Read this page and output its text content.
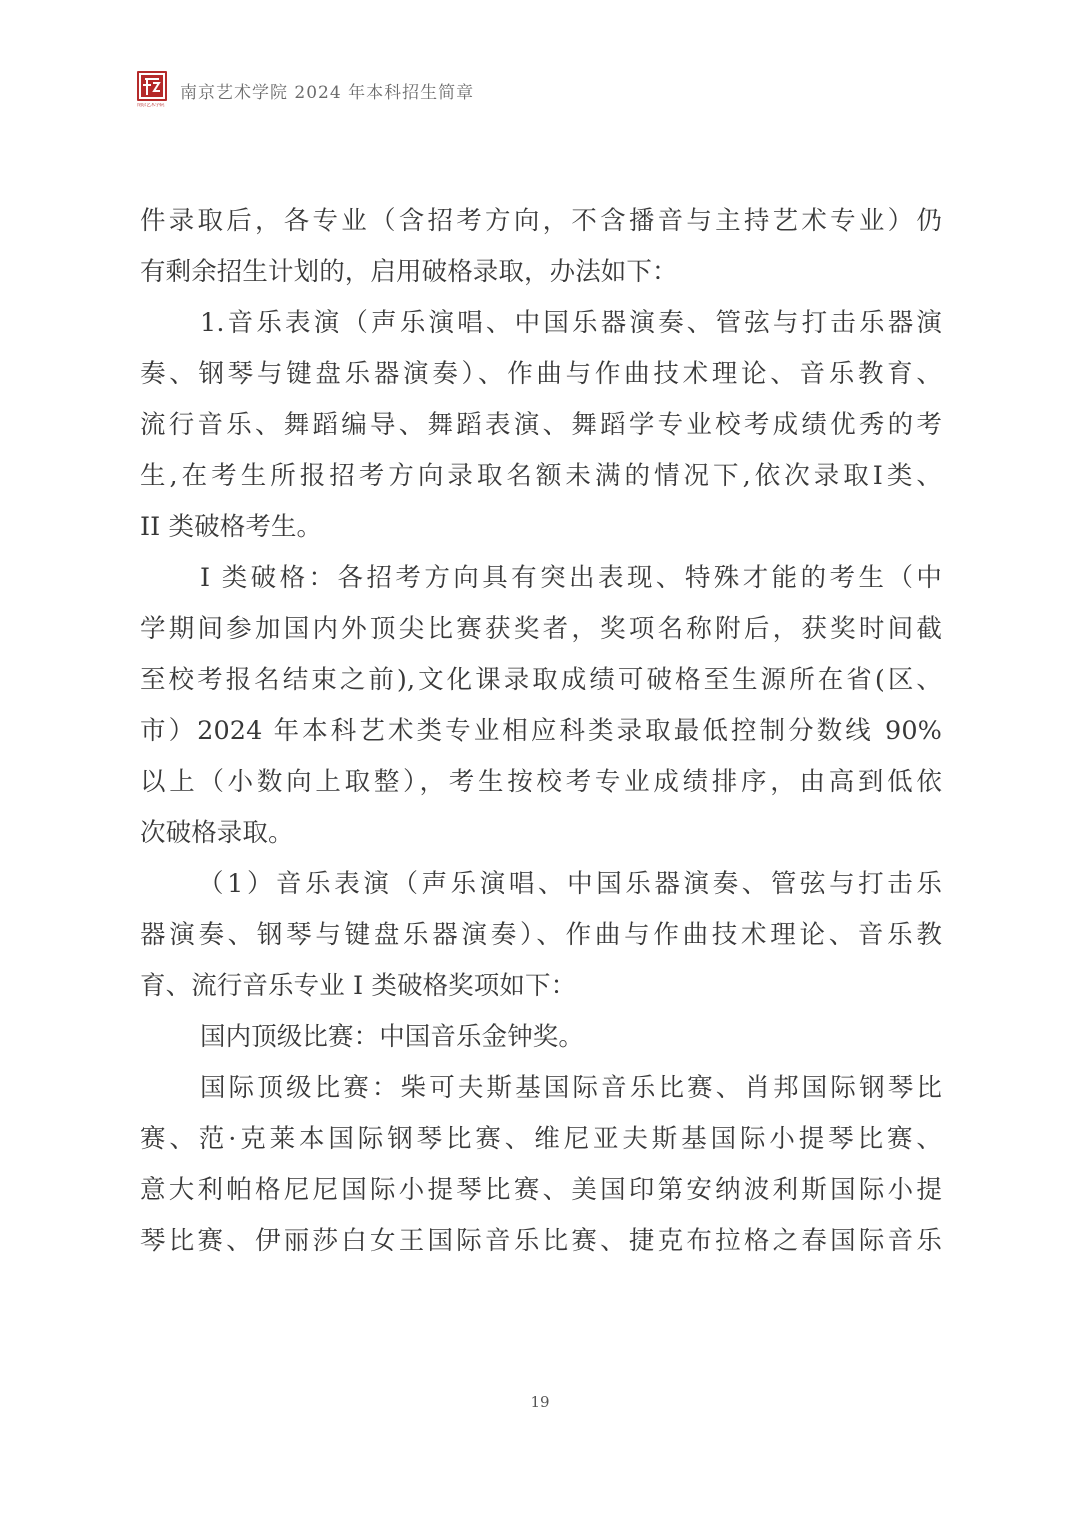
南京艺术学院
南京艺术学院 2024 年本科招生简章
件录取后，各专业（含招考方向，不含播音与主持艺术专业）仍
有剩余招生计划的，启用破格录取，办法如下：
1.音乐表演（声乐演唱、中国乐器演奏、管弦与打击乐器演
奏、钢琴与键盘乐器演奏）、作曲与作曲技术理论、音乐教育、
流行音乐、舞蹈编导、舞蹈表演、舞蹈学专业校考成绩优秀的考
生,在考生所报招考方向录取名额未满的情况下,依次录取I类、
II 类破格考生。
I 类破格：各招考方向具有突出表现、特殊才能的考生（中
学期间参加国内外顶尖比赛获奖者，奖项名称附后，获奖时间截
至校考报名结束之前),文化课录取成绩可破格至生源所在省(区、
市）2024 年本科艺术类专业相应科类录取最低控制分数线 90%
以上（小数向上取整），考生按校考专业成绩排序，由高到低依
次破格录取。
（1）音乐表演（声乐演唱、中国乐器演奏、管弦与打击乐
器演奏、钢琴与键盘乐器演奏）、作曲与作曲技术理论、音乐教
育、流行音乐专业 I 类破格奖项如下：
国内顶级比赛：中国音乐金钟奖。
国际顶级比赛：柴可夫斯基国际音乐比赛、肖邦国际钢琴比
赛、范·克莱本国际钢琴比赛、维尼亚夫斯基国际小提琴比赛、
意大利帕格尼尼国际小提琴比赛、美国印第安纳波利斯国际小提
琴比赛、伊丽莎白女王国际音乐比赛、捷克布拉格之春国际音乐
19
